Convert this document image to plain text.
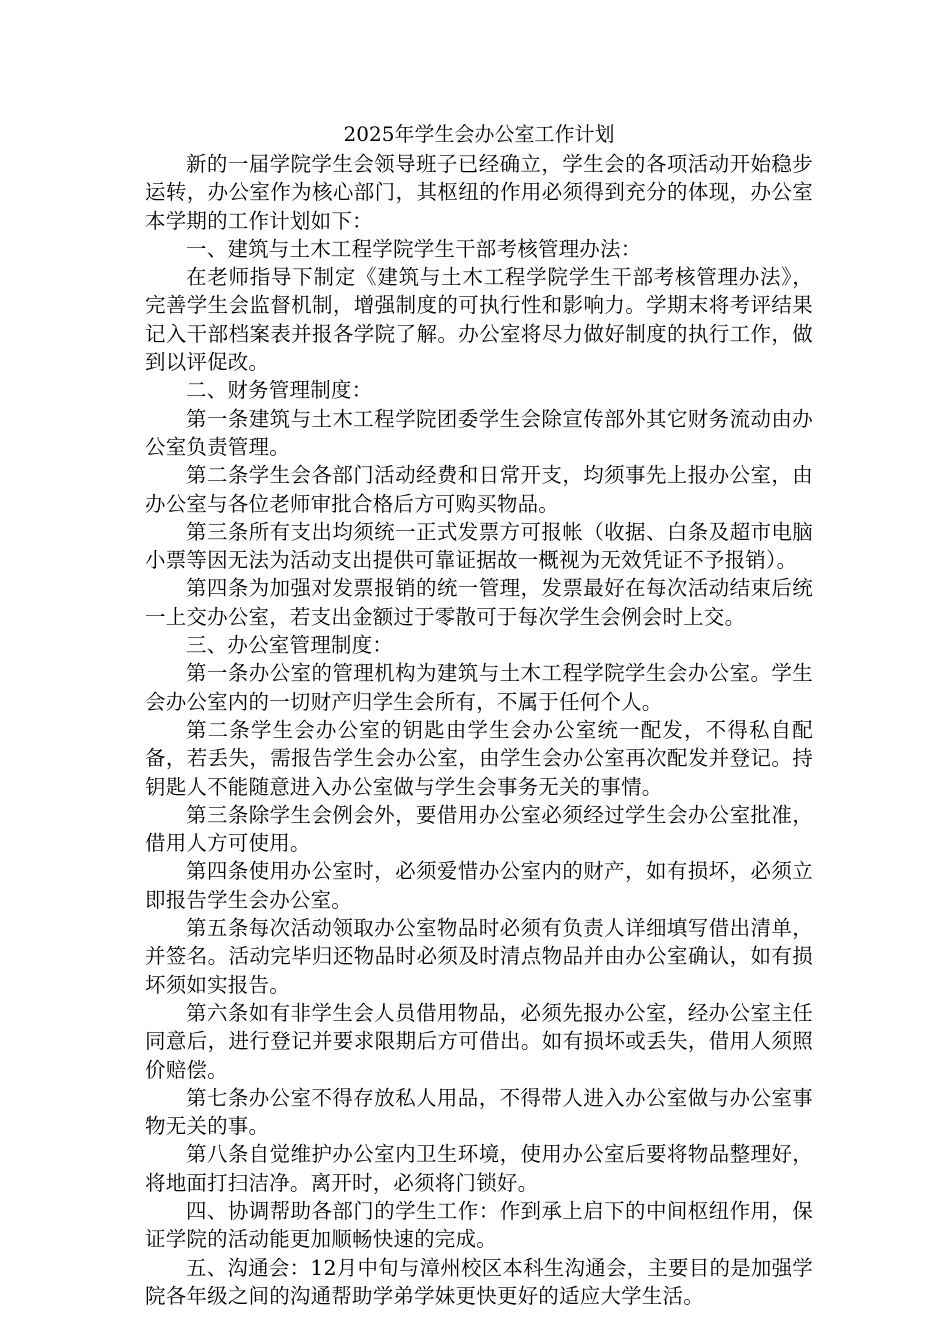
2025年学生会办公室工作计划

新的一届学院学生会领导班子已经确立，学生会的各项活动开始稳步运转，办公室作为核心部门，其枢纽的作用必须得到充分的体现，办公室本学期的工作计划如下：

一、建筑与土木工程学院学生干部考核管理办法：

在老师指导下制定《建筑与土木工程学院学生干部考核管理办法》，完善学生会监督机制，增强制度的可执行性和影响力。学期末将考评结果记入干部档案表并报各学院了解。办公室将尽力做好制度的执行工作，做到以评促改。

二、财务管理制度：

第一条建筑与土木工程学院团委学生会除宣传部外其它财务流动由办公室负责管理。

第二条学生会各部门活动经费和日常开支，均须事先上报办公室，由办公室与各位老师审批合格后方可购买物品。

第三条所有支出均须统一正式发票方可报帐（收据、白条及超市电脑小票等因无法为活动支出提供可靠证据故一概视为无效凭证不予报销）。

第四条为加强对发票报销的统一管理，发票最好在每次活动结束后统一上交办公室，若支出金额过于零散可于每次学生会例会时上交。

三、办公室管理制度：

第一条办公室的管理机构为建筑与土木工程学院学生会办公室。学生会办公室内的一切财产归学生会所有，不属于任何个人。

第二条学生会办公室的钥匙由学生会办公室统一配发，不得私自配备，若丢失，需报告学生会办公室，由学生会办公室再次配发并登记。持钥匙人不能随意进入办公室做与学生会事务无关的事情。

第三条除学生会例会外，要借用办公室必须经过学生会办公室批准，借用人方可使用。

第四条使用办公室时，必须爱惜办公室内的财产，如有损坏，必须立即报告学生会办公室。

第五条每次活动领取办公室物品时必须有负责人详细填写借出清单，并签名。活动完毕归还物品时必须及时清点物品并由办公室确认，如有损坏须如实报告。

第六条如有非学生会人员借用物品，必须先报办公室，经办公室主任同意后，进行登记并要求限期后方可借出。如有损坏或丢失，借用人须照价赔偿。

第七条办公室不得存放私人用品，不得带人进入办公室做与办公室事物无关的事。

第八条自觉维护办公室内卫生环境，使用办公室后要将物品整理好，将地面打扫洁净。离开时，必须将门锁好。

四、协调帮助各部门的学生工作：作到承上启下的中间枢纽作用，保证学院的活动能更加顺畅快速的完成。

五、沟通会：12月中旬与漳州校区本科生沟通会，主要目的是加强学院各年级之间的沟通帮助学弟学妹更快更好的适应大学生活。
